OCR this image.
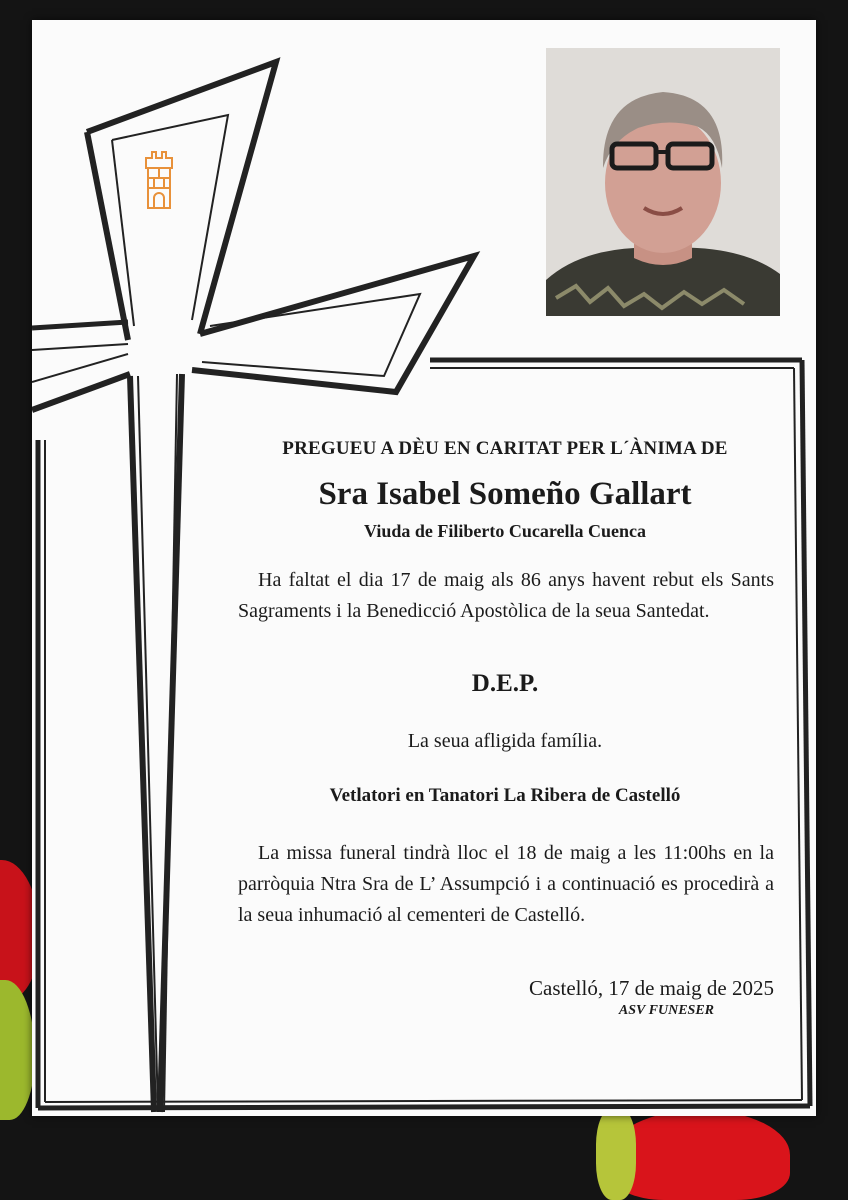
PREGUEU A DÈU EN CARITAT PER L´ÀNIMA DE
Sra Isabel Someño Gallart
Viuda de Filiberto Cucarella Cuenca
Ha faltat el dia 17 de maig als 86 anys havent rebut els Sants Sagraments i la Benedicció Apostòlica de la seua Santedat.
D.E.P.
La seua afligida família.
Vetlatori en Tanatori La Ribera de Castelló
La missa funeral tindrà lloc el 18 de maig a les 11:00hs en la parròquia Ntra Sra de L’ Assumpció i a continuació es procedirà a la seua inhumació al cementeri de Castelló.
Castelló, 17 de maig de 2025
ASV FUNESER
